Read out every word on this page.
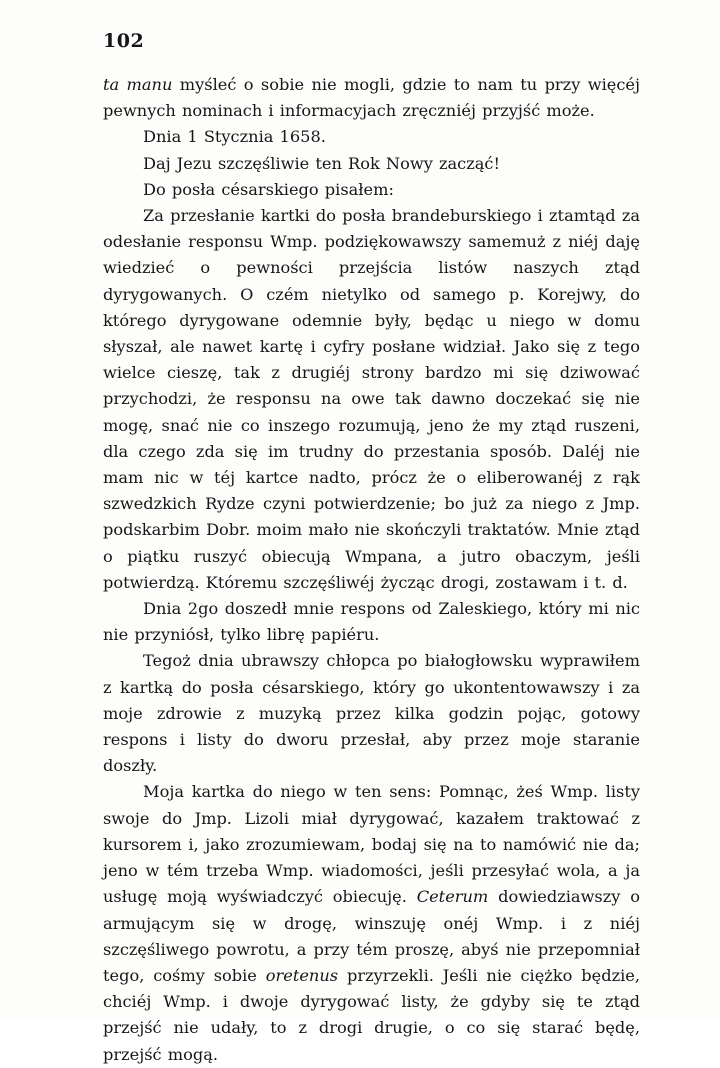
102

ta manu myśleć o sobie nie mogli, gdzie to nam tu przy więcéj pewnych nominach i informacyjach zręczniéj przyjść może.

Dnia 1 Stycznia 1658.

Daj Jezu szczęśliwie ten Rok Nowy zacząć!

Do posła césarskiego pisałem:

Za przesłanie kartki do posła brandeburskiego i ztamtąd za odesłanie responsu Wmp. podziękowawszy samemuż z niéj daję wiedzieć o pewności przejścia listów naszych ztąd dyrygowanych. O czém nietylko od samego p. Korejwy, do którego dyrygowane odemnie były, będąc u niego w domu słyszał, ale nawet kartę i cyfry posłane widział. Jako się z tego wielce cieszę, tak z drugiéj strony bardzo mi się dziwować przychodzi, że responsu na owe tak dawno doczekać się nie mogę, snać nie co inszego rozumują, jeno że my ztąd ruszeni, dla czego zda się im trudny do przestania sposób. Daléj nie mam nic w téj kartce nadto, prócz że o eliberowanéj z rąk szwedzkich Rydze czyni potwierdzenie; bo już za niego z Jmp. podskarbim Dobr. moim mało nie skończyli traktatów. Mnie ztąd o piątku ruszyć obiecują Wmpana, a jutro obaczym, jeśli potwierdzą. Któremu szczęśliwéj życząc drogi, zostawam i t. d.

Dnia 2go doszedł mnie respons od Zaleskiego, który mi nic nie przyniósł, tylko librę papiéru.

Tegoż dnia ubrawszy chłopca po białogłowsku wyprawiłem z kartką do posła césarskiego, który go ukontentowawszy i za moje zdrowie z muzyką przez kilka godzin pojąc, gotowy respons i listy do dworu przesłał, aby przez moje staranie doszły.

Moja kartka do niego w ten sens: Pomnąc, żeś Wmp. listy swoje do Jmp. Lizoli miał dyrygować, kazałem traktować z kursorem i, jako zrozumiewam, bodaj się na to namówić nie da; jeno w tém trzeba Wmp. wiadomości, jeśli przesyłać wola, a ja usługę moją wyświadczyć obiecuję. Ceterum dowiedziawszy o armującym się w drogę, winszuję onéj Wmp. i z niéj szczęśliwego powrotu, a przy tém proszę, abyś nie przepomniał tego, cośmy sobie oretenus przyrzekli. Jeśli nie ciężko będzie, chciéj Wmp. i dwoje dyrygować listy, że gdyby się te ztąd przejść nie udały, to z drogi drugie, o co się starać będę, przejść mogą.
